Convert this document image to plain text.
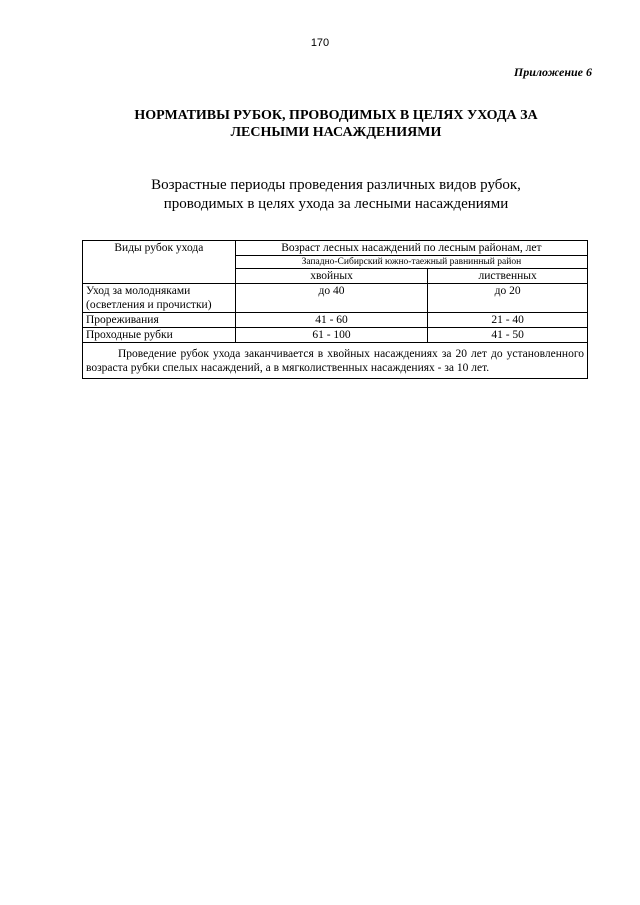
170
Приложение 6
НОРМАТИВЫ РУБОК, ПРОВОДИМЫХ В ЦЕЛЯХ УХОДА ЗА
ЛЕСНЫМИ НАСАЖДЕНИЯМИ
Возрастные периоды проведения различных видов рубок,
проводимых в целях ухода за лесными насаждениями
Виды рубок ухода	Возраст лесных насаждений по лесным районам, лет	
	Западно-Сибирский южно-таежный равнинный район	
	хвойных	лиственных

Уход за молодняками
(осветления и прочистки)	до 40	до 20
Прореживания	41 - 60	21 - 40
Проходные рубки	61 - 100	41 - 50
Проведение рубок ухода заканчивается в хвойных насаждениях за 20 лет до установленного возраста рубки спелых насаждений, а в мягколиственных насаждениях - за 10 лет.		
